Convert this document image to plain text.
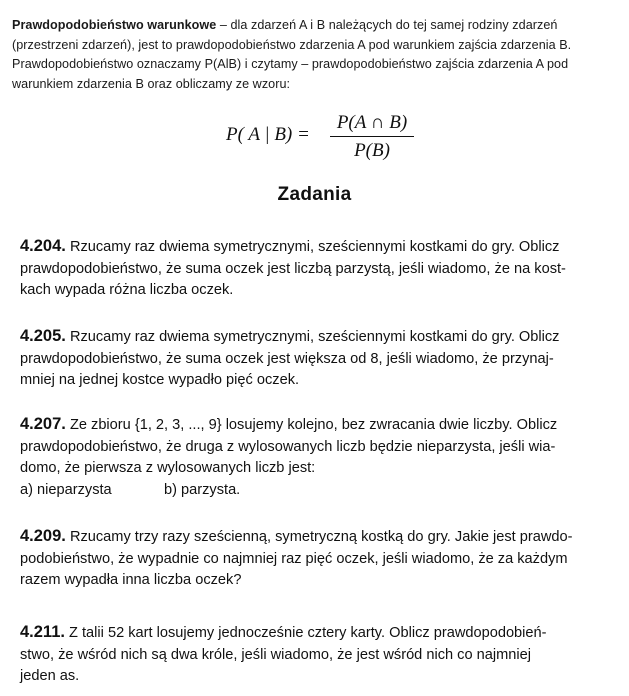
Prawdopodobieństwo warunkowe – dla zdarzeń A i B należących do tej samej rodziny zdarzeń
(przestrzeni zdarzeń), jest to prawdopodobieństwo zdarzenia A pod warunkiem zajścia zdarzenia B.
Prawdopodobieństwo oznaczamy P(AlB) i czytamy – prawdopodobieństwo zajścia zdarzenia A pod
warunkiem zdarzenia B oraz obliczamy ze wzoru:
P( A | B) =
P(A ∩ B)
P(B)
Zadania
4.204. Rzucamy raz dwiema symetrycznymi, sześciennymi kostkami do gry. Oblicz
prawdopodobieństwo, że suma oczek jest liczbą parzystą, jeśli wiadomo, że na kost-
kach wypada różna liczba oczek.
4.205. Rzucamy raz dwiema symetrycznymi, sześciennymi kostkami do gry. Oblicz
prawdopodobieństwo, że suma oczek jest większa od 8, jeśli wiadomo, że przynaj-
mniej na jednej kostce wypadło pięć oczek.
4.207. Ze zbioru {1, 2, 3, ..., 9} losujemy kolejno, bez zwracania dwie liczby. Oblicz
prawdopodobieństwo, że druga z wylosowanych liczb będzie nieparzysta, jeśli wia-
domo, że pierwsza z wylosowanych liczb jest:
a) nieparzysta	b) parzysta.
4.209. Rzucamy trzy razy sześcienną, symetryczną kostką do gry. Jakie jest prawdo-
podobieństwo, że wypadnie co najmniej raz pięć oczek, jeśli wiadomo, że za każdym
razem wypadła inna liczba oczek?
4.211. Z talii 52 kart losujemy jednocześnie cztery karty. Oblicz prawdopodobień-
stwo, że wśród nich są dwa króle, jeśli wiadomo, że jest wśród nich co najmniej
jeden as.
